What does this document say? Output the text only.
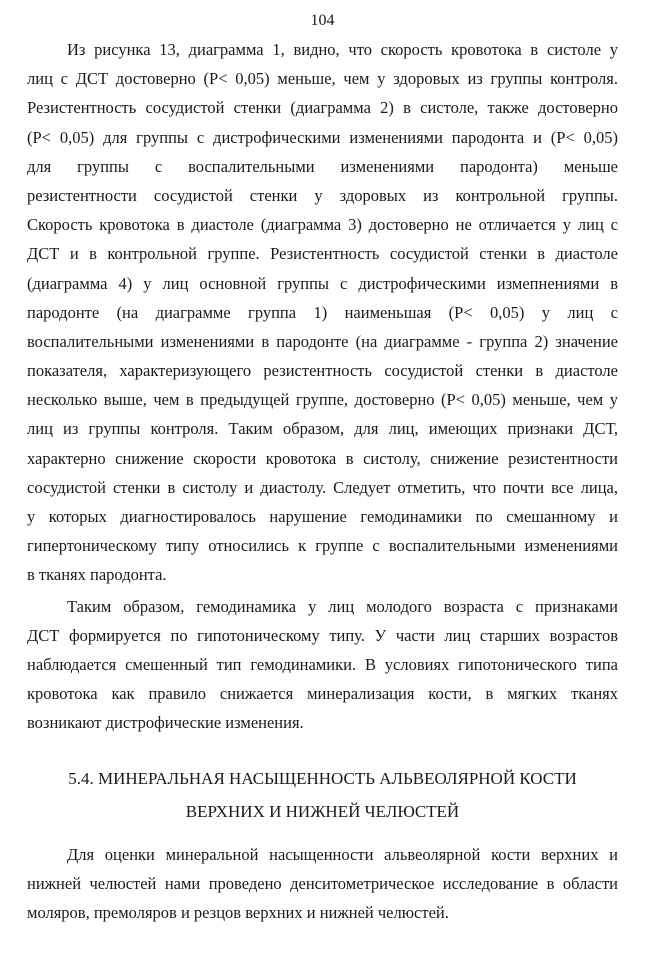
104
Из рисунка 13, диаграмма 1, видно, что скорость кровотока в систоле у
лиц с ДСТ достоверно (Р< 0,05) меньше, чем у здоровых из группы контроля.
Резистентность сосудистой стенки (диаграмма 2) в систоле, также достоверно
(Р< 0,05) для группы с дистрофическими изменениями пародонта и (Р< 0,05)
для группы с воспалительными изменениями пародонта) меньше
резистентности сосудистой стенки у здоровых из контрольной группы.
Скорость кровотока в диастоле (диаграмма 3) достоверно не отличается у лиц с
ДСТ и в контрольной группе. Резистентность сосудистой стенки в диастоле
(диаграмма 4) у лиц основной группы с дистрофическими измепнениями в
пародонте (на диаграмме группа 1) наименьшая (Р< 0,05) у лиц с
воспалительными изменениями в пародонте (на диаграмме - группа 2) значение
показателя, характеризующего резистентность сосудистой стенки в диастоле
несколько выше, чем в предыдущей группе, достоверно (Р< 0,05) меньше, чем у
лиц из группы контроля. Таким образом, для лиц, имеющих признаки ДСТ,
характерно снижение скорости кровотока в систолу, снижение резистентности
сосудистой стенки в систолу и диастолу. Следует отметить, что почти все лица,
у которых диагностировалось нарушение гемодинамики по смешанному и
гипертоническому типу относились к группе с воспалительными изменениями
в тканях пародонта.
Таким образом, гемодинамика у лиц молодого возраста с признаками
ДСТ формируется по гипотоническому типу. У части лиц старших возрастов
наблюдается смешенный тип гемодинамики. В условиях гипотонического типа
кровотока как правило снижается минерализация кости, в мягких тканях
возникают дистрофические изменения.
5.4. МИНЕРАЛЬНАЯ НАСЫЩЕННОСТЬ АЛЬВЕОЛЯРНОЙ КОСТИ
ВЕРХНИХ И НИЖНЕЙ ЧЕЛЮСТЕЙ
Для оценки минеральной насыщенности альвеолярной кости верхних и
нижней челюстей нами проведено денситометрическое исследование в области
моляров, премоляров и резцов верхних и нижней челюстей.
